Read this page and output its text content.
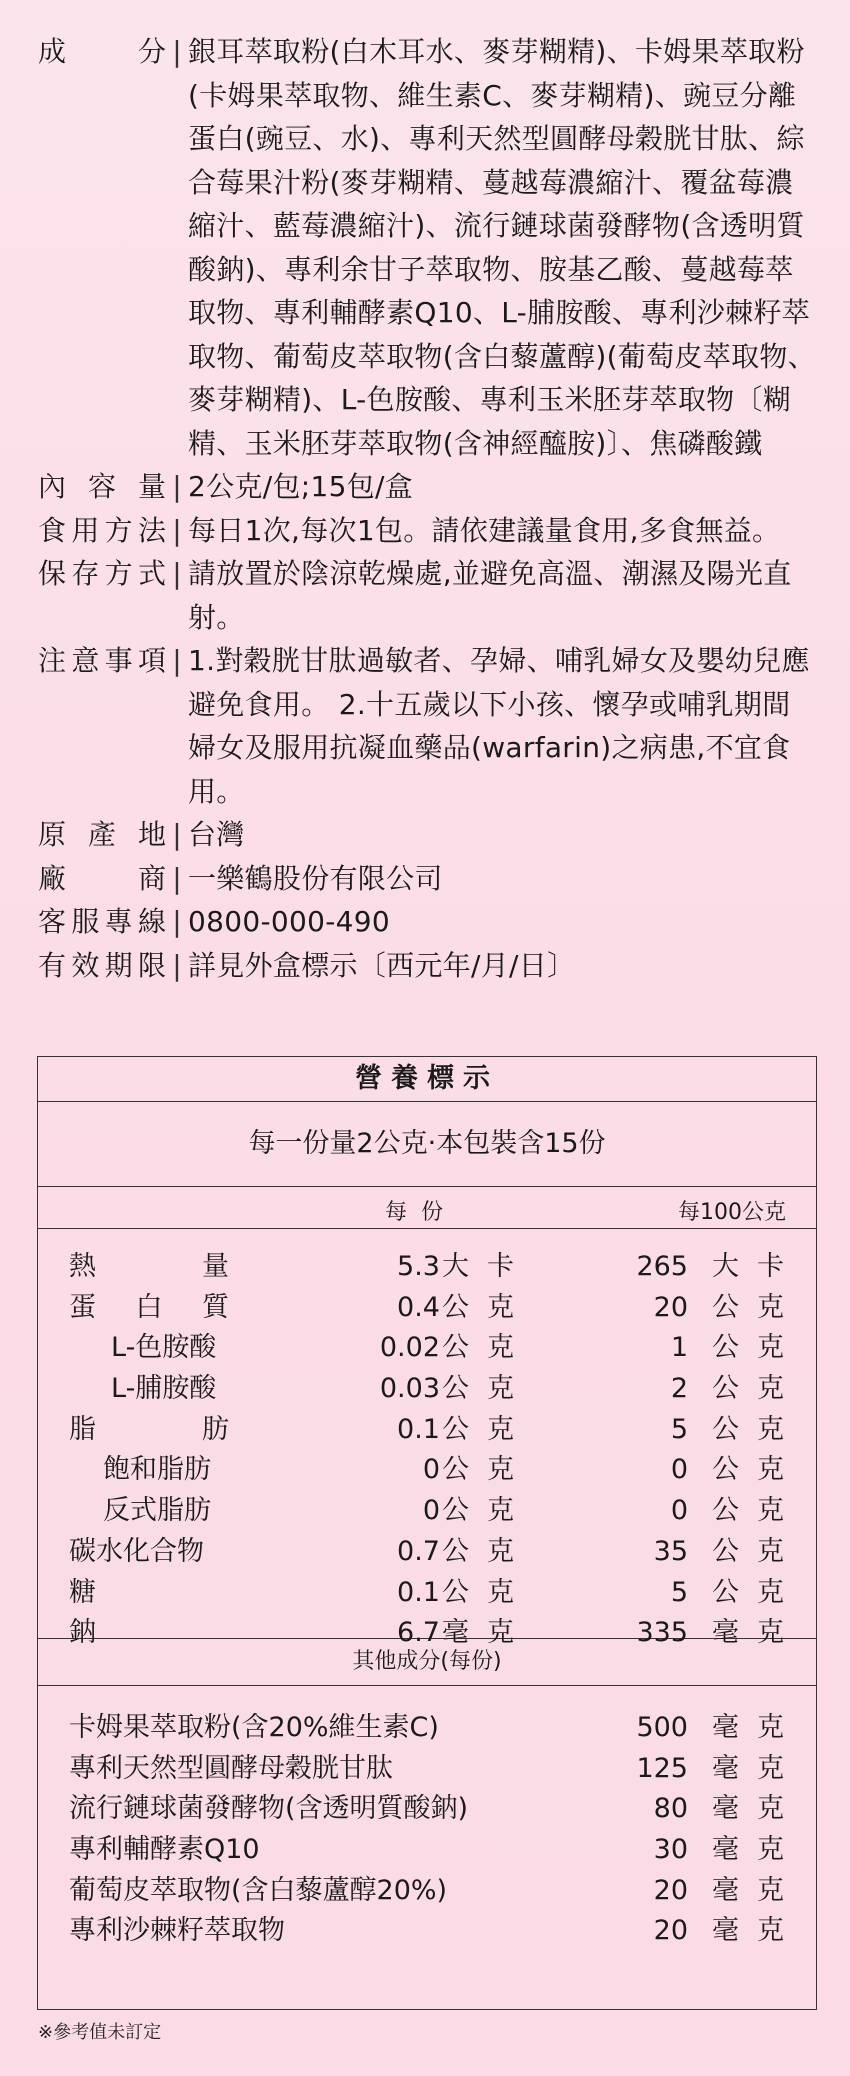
成 分 | 銀耳萃取粉(白木耳水、麥芽糊精)、卡姆果萃取粉(卡姆果萃取物、維生素C、麥芽糊精)、豌豆分離蛋白(豌豆、水)、專利天然型圓酵母穀胱甘肽、綜合莓果汁粉(麥芽糊精、蔓越莓濃縮汁、覆盆莓濃縮汁、藍莓濃縮汁)、流行鏈球菌發酵物(含透明質酸鈉)、專利余甘子萃取物、胺基乙酸、蔓越莓萃取物、專利輔酵素Q10、L-脯胺酸、專利沙棘籽萃取物、葡萄皮萃取物(含白藜蘆醇)(葡萄皮萃取物、麥芽糊精)、L-色胺酸、專利玉米胚芽萃取物〔糊精、玉米胚芽萃取物(含神經醯胺)〕、焦磷酸鐵
內容量 | 2公克/包;15包/盒
食用方法 | 每日1次,每次1包。請依建議量食用,多食無益。
保存方式 | 請放置於陰涼乾燥處,並避免高溫、潮濕及陽光直射。
注意事項 | 1.對穀胱甘肽過敏者、孕婦、哺乳婦女及嬰幼兒應避免食用。 2.十五歲以下小孩、懷孕或哺乳期間婦女及服用抗凝血藥品(warfarin)之病患,不宜食用。
原產地 | 台灣
廠 商 | 一樂鶴股份有限公司
客服專線 | 0800-000-490
有效期限 | 詳見外盒標示〔西元年/月/日〕
營養標示
每一份量2公克‧本包裝含15份
每份	每100公克
熱量	5.3 大卡	265 大卡
蛋白質	0.4 公克	20 公克
L-色胺酸	0.02 公克	1 公克
L-脯胺酸	0.03 公克	2 公克
脂肪	0.1 公克	5 公克
飽和脂肪	0 公克	0 公克
反式脂肪	0 公克	0 公克
碳水化合物	0.7 公克	35 公克
糖	0.1 公克	5 公克
鈉	6.7 毫克	335 毫克
其他成分(每份)
卡姆果萃取粉(含20%維生素C)	500 毫克
專利天然型圓酵母穀胱甘肽	125 毫克
流行鏈球菌發酵物(含透明質酸鈉)	80 毫克
專利輔酵素Q10	30 毫克
葡萄皮萃取物(含白藜蘆醇20%)	20 毫克
專利沙棘籽萃取物	20 毫克
※參考值未訂定
